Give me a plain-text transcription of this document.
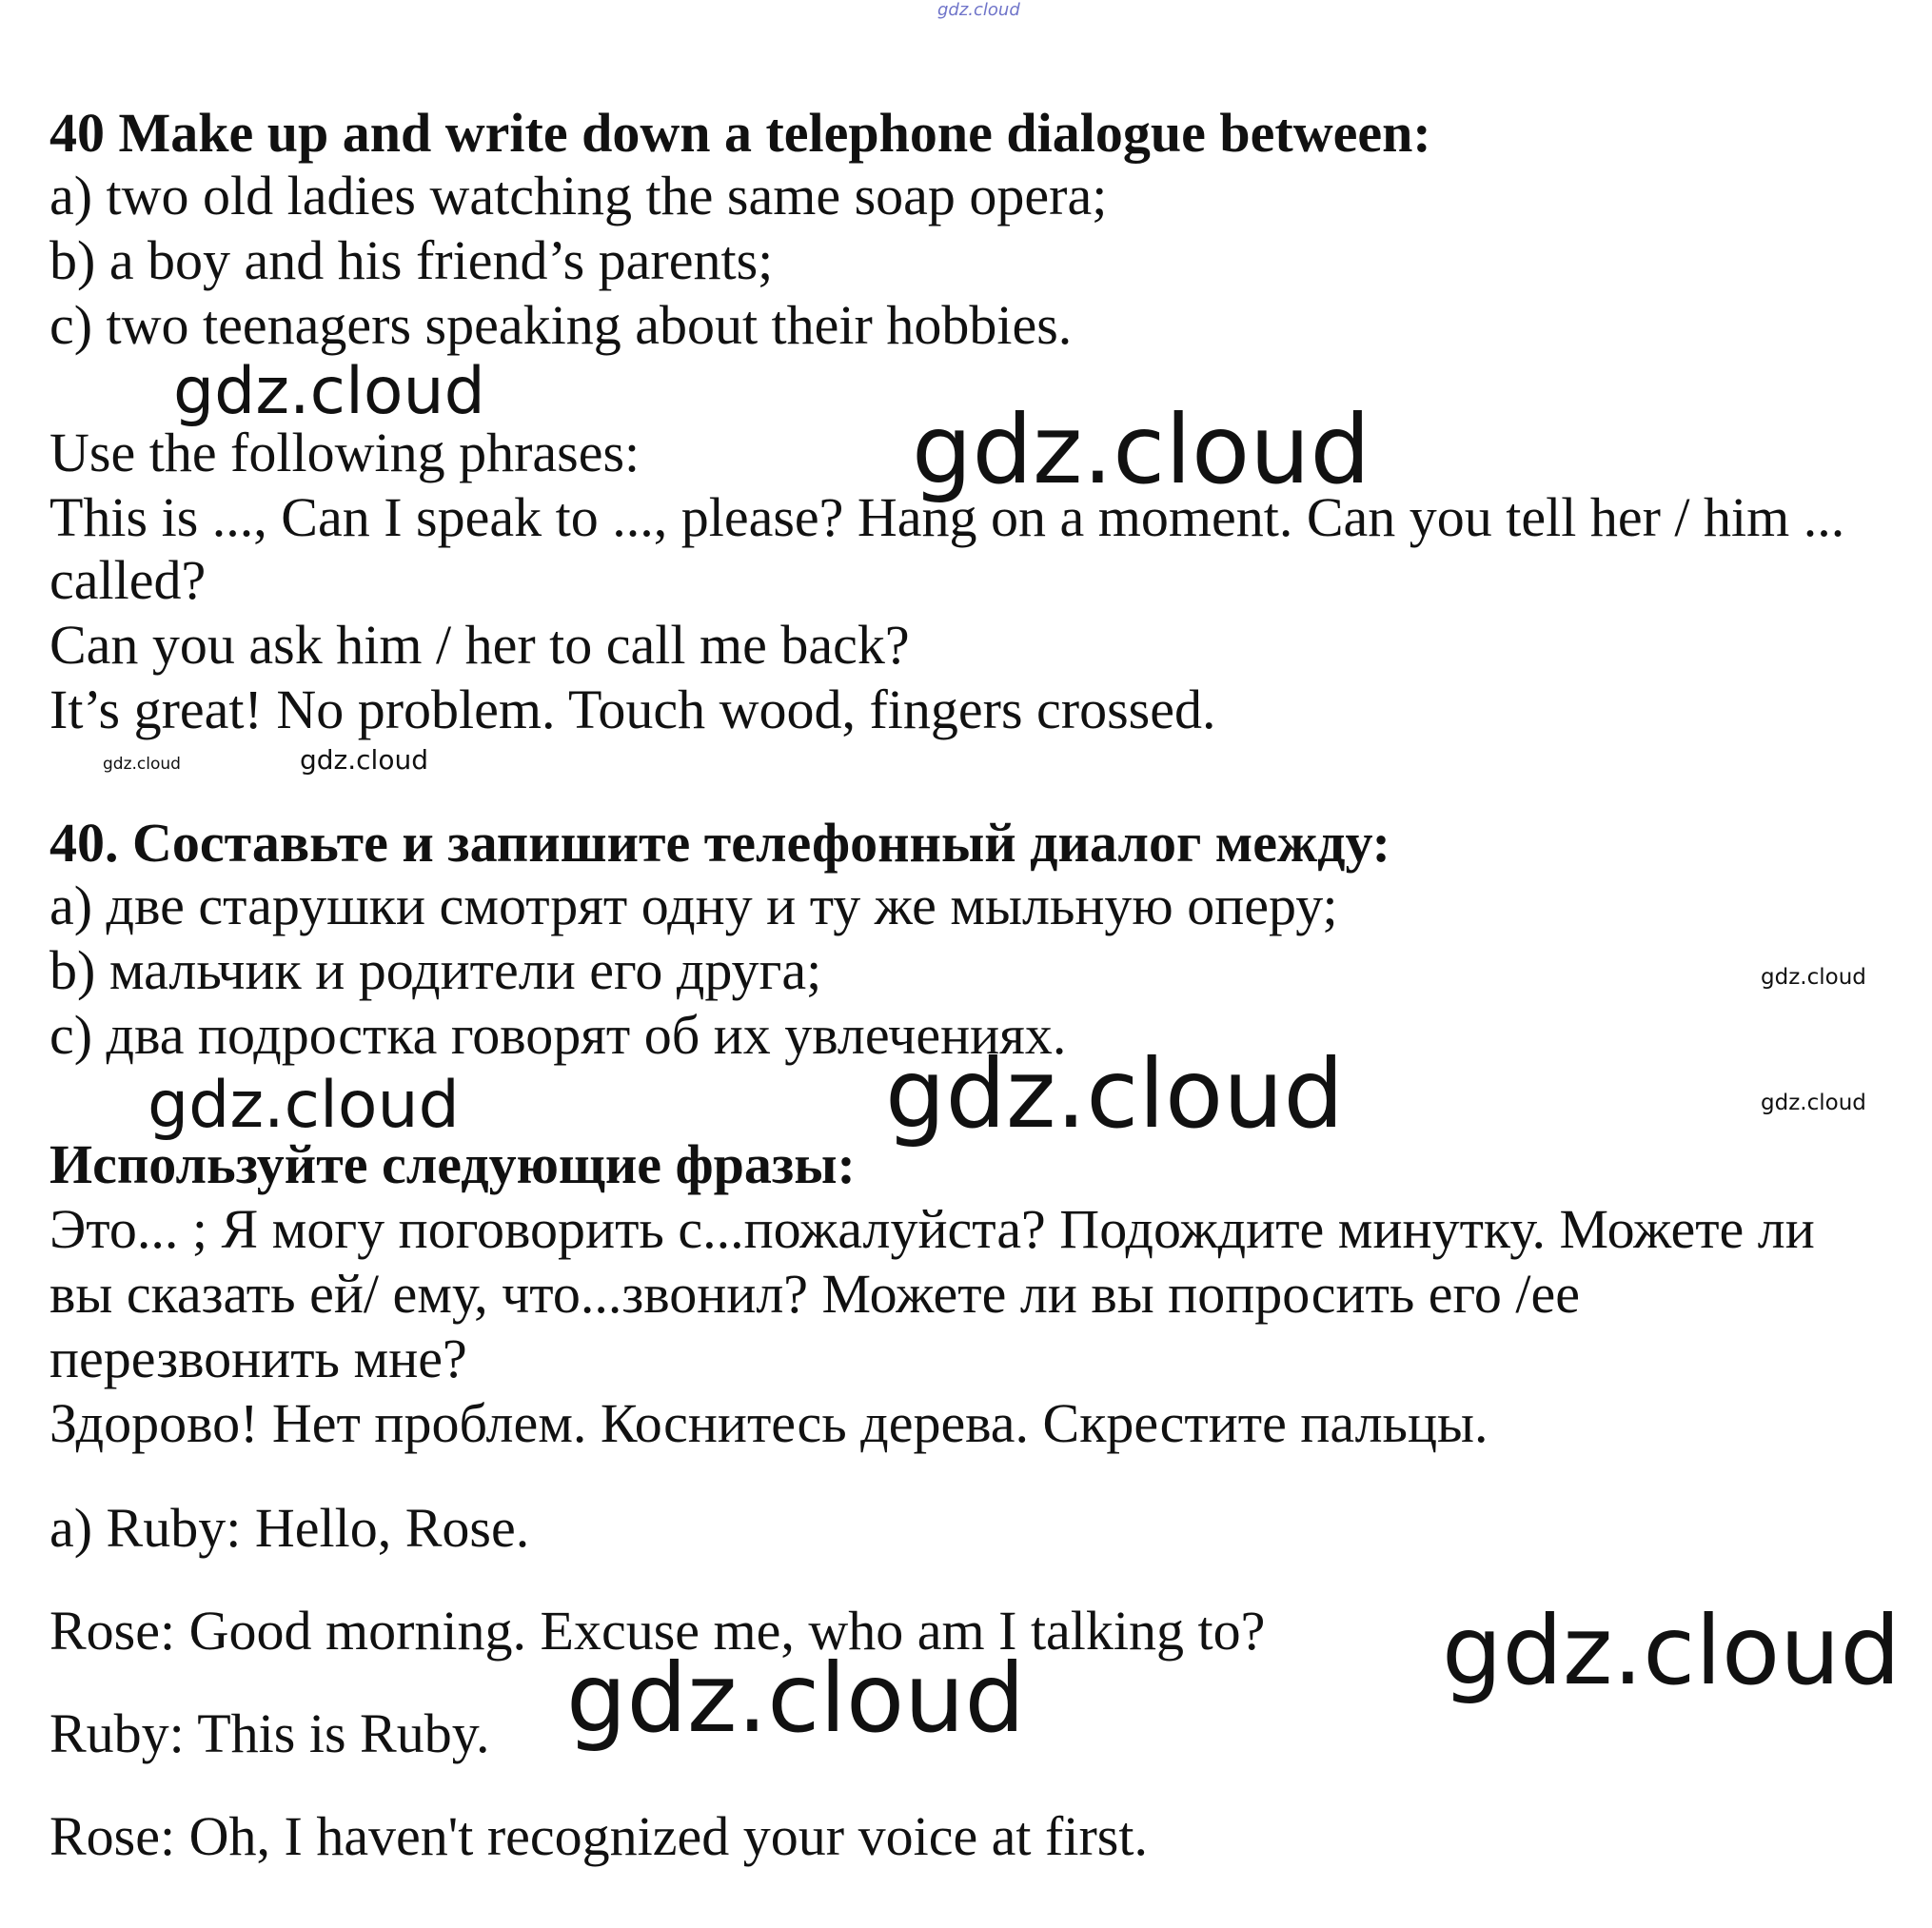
gdz.cloud
gdz.cloud
gdz.cloud
gdz.cloud	gdz.cloud
gdz.cloud
gdz.cloud	gdz.cloud	gdz.cloud
gdz.cloud
gdz.cloud

40 Make up and write down a telephone dialogue between:

a) two old ladies watching the same soap opera;

b) a boy and his friend’s parents;

c) two teenagers speaking about their hobbies.

Use the following phrases:

This is ..., Can I speak to ..., please? Hang on a moment. Can you tell her / him ...

called?

Can you ask him / her to call me back?

It’s great! No problem. Touch wood, fingers crossed.

40. Составьте и запишите телефонный диалог между:

a) две старушки смотрят одну и ту же мыльную оперу;

b) мальчик и родители его друга;

c) два подростка говорят об их увлечениях.

Используйте следующие фразы:

Это... ; Я могу поговорить с...пожалуйста? Подождите минутку. Можете ли

вы сказать ей/ ему, что...звонил? Можете ли вы попросить его /ее

перезвонить мне?

Здорово! Нет проблем. Коснитесь дерева. Скрестите пальцы.

a) Ruby: Hello, Rose.

Rose: Good morning. Excuse me, who am I talking to?

Ruby: This is Ruby.

Rose: Oh, I haven't recognized your voice at first.
